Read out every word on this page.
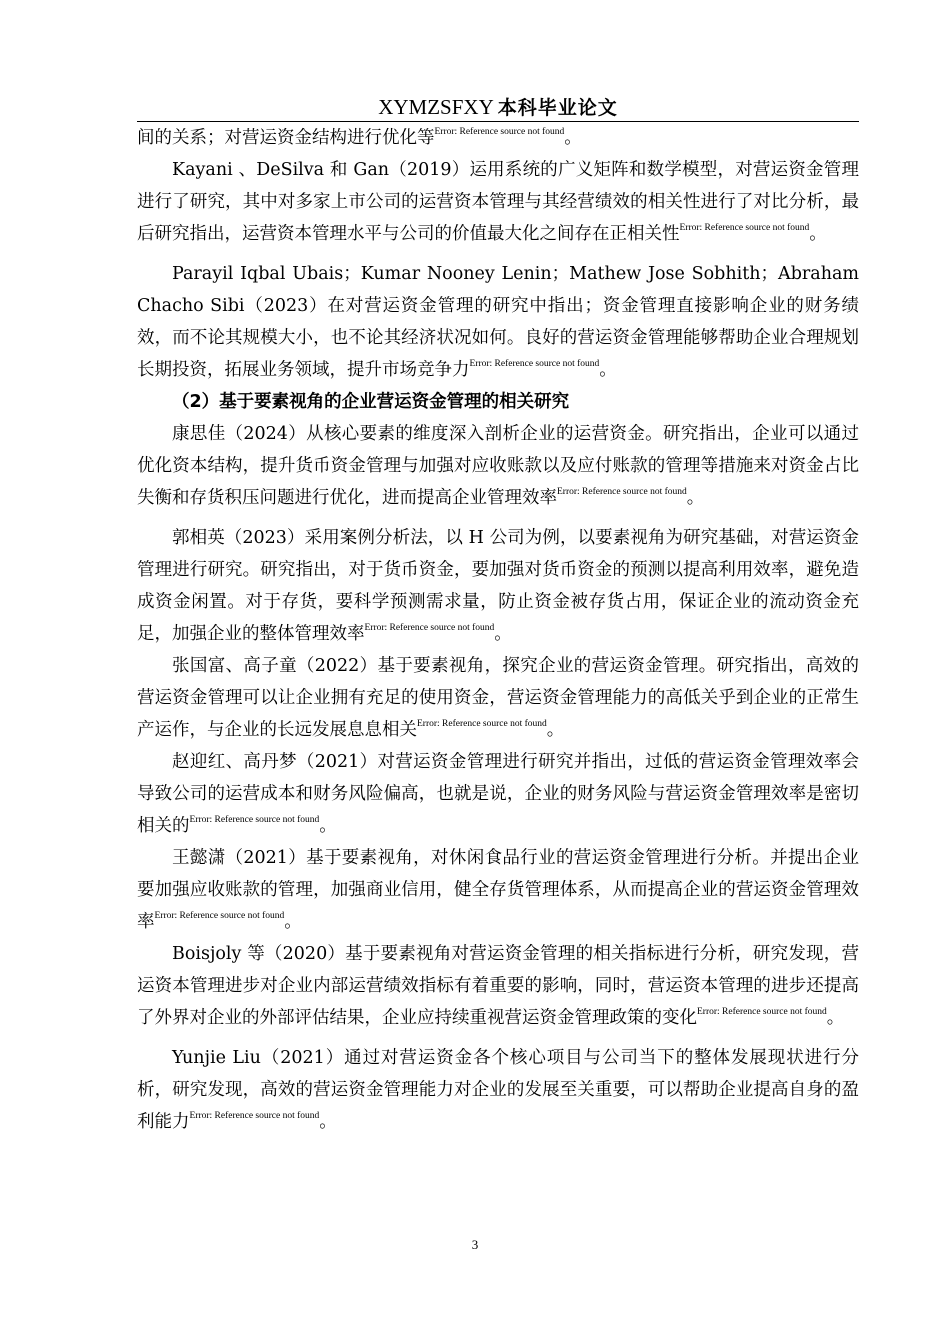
XYMZSFXY 本科毕业论文

间的关系；对营运资金结构进行优化等$^{Error: Reference source not found}$。

Kayani 、DeSilva 和 Gan（2019）运用系统的广义矩阵和数学模型，对营运资金管理进行了研究，其中对多家上市公司的运营资本管理与其经营绩效的相关性进行了对比分析，最后研究指出，运营资本管理水平与公司的价值最大化之间存在正相关性$^{Error: Reference source not found}$。

Parayil Iqbal Ubais；Kumar Nooney Lenin；Mathew Jose Sobhith；Abraham Chacho Sibi（2023）在对营运资金管理的研究中指出；资金管理直接影响企业的财务绩效，而不论其规模大小，也不论其经济状况如何。良好的营运资金管理能够帮助企业合理规划长期投资，拓展业务领域，提升市场竞争力$^{Error: Reference source not found}$。

（2）基于要素视角的企业营运资金管理的相关研究

康思佳（2024）从核心要素的维度深入剖析企业的运营资金。研究指出，企业可以通过优化资本结构，提升货币资金管理与加强对应收账款以及应付账款的管理等措施来对资金占比失衡和存货积压问题进行优化，进而提高企业管理效率$^{Error: Reference source not found}$。

郭相英（2023）采用案例分析法，以 H 公司为例，以要素视角为研究基础，对营运资金管理进行研究。研究指出，对于货币资金，要加强对货币资金的预测以提高利用效率，避免造成资金闲置。对于存货，要科学预测需求量，防止资金被存货占用，保证企业的流动资金充足，加强企业的整体管理效率$^{Error: Reference source not found}$。

张国富、高子童（2022）基于要素视角，探究企业的营运资金管理。研究指出，高效的营运资金管理可以让企业拥有充足的使用资金，营运资金管理能力的高低关乎到企业的正常生产运作，与企业的长远发展息息相关$^{Error: Reference source not found}$。

赵迎红、高丹梦（2021）对营运资金管理进行研究并指出，过低的营运资金管理效率会导致公司的运营成本和财务风险偏高，也就是说，企业的财务风险与营运资金管理效率是密切相关的$^{Error: Reference source not found}$。

王懿潇（2021）基于要素视角，对休闲食品行业的营运资金管理进行分析。并提出企业要加强应收账款的管理，加强商业信用，健全存货管理体系，从而提高企业的营运资金管理效率$^{Error: Reference source not found}$。

Boisjoly 等（2020）基于要素视角对营运资金管理的相关指标进行分析，研究发现，营运资本管理进步对企业内部运营绩效指标有着重要的影响，同时，营运资本管理的进步还提高了外界对企业的外部评估结果，企业应持续重视营运资金管理政策的变化$^{Error: Reference source not found}$。

Yunjie Liu（2021）通过对营运资金各个核心项目与公司当下的整体发展现状进行分析，研究发现，高效的营运资金管理能力对企业的发展至关重要，可以帮助企业提高自身的盈利能力$^{Error: Reference source not found}$。

3
